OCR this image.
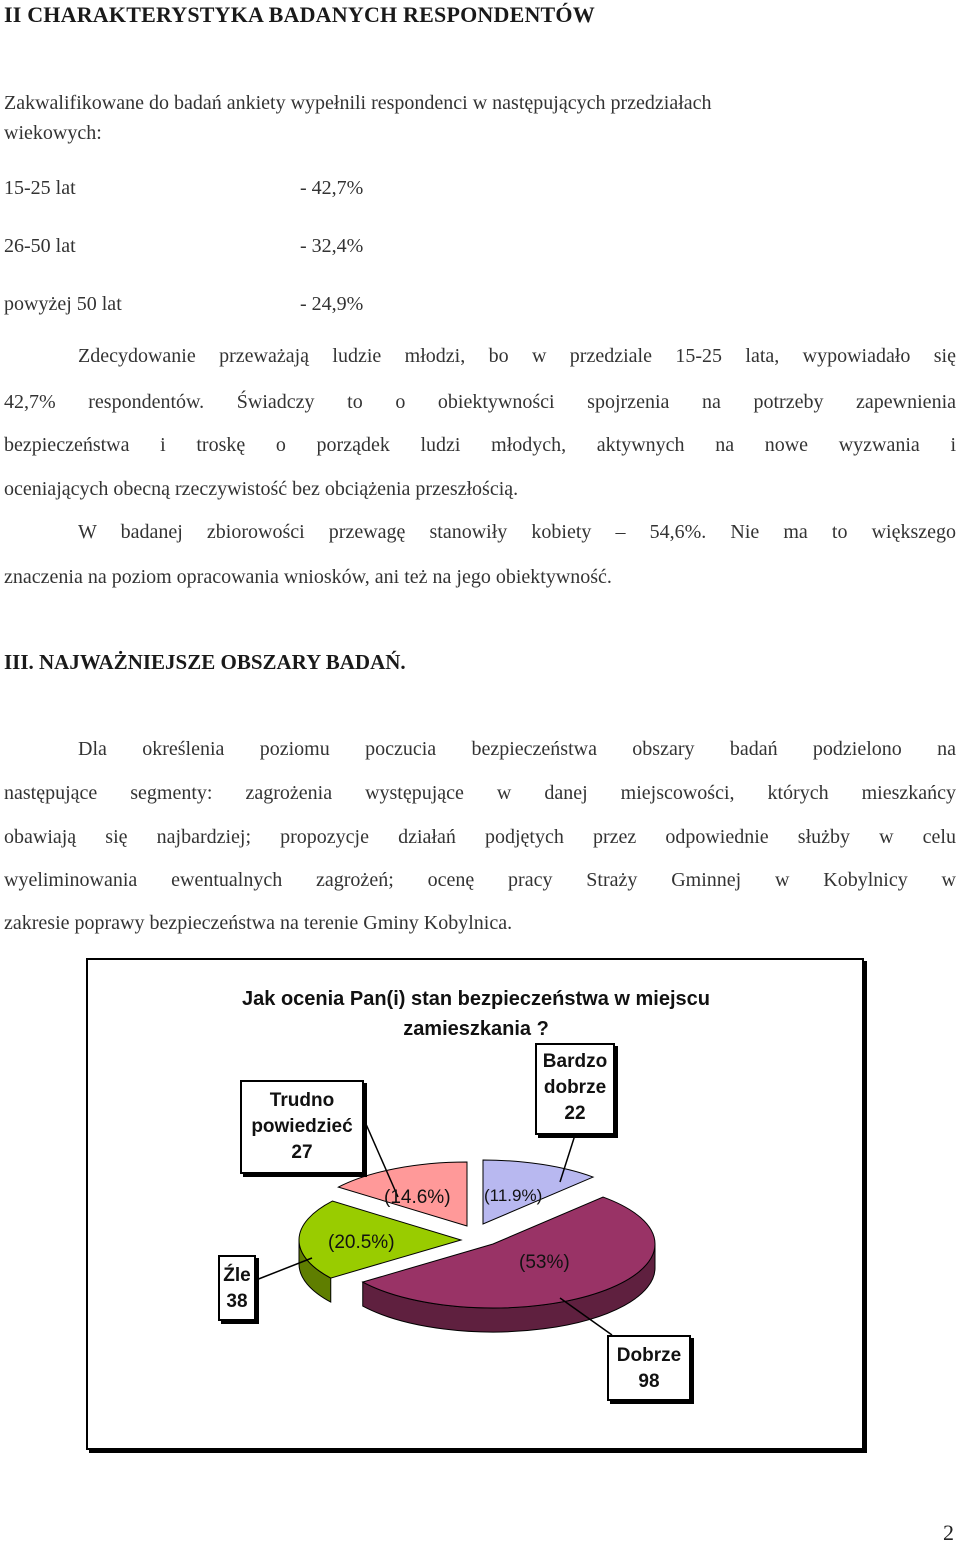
II CHARAKTERYSTYKA BADANYCH RESPONDENTÓW
Zakwalifikowane do badań ankiety wypełnili respondenci w następujących przedziałach
wiekowych:
15-25 lat	- 42,7%
26-50 lat	- 32,4%
powyżej 50 lat	- 24,9%
Zdecydowanie przeważają ludzie młodzi, bo w przedziale 15-25 lata, wypowiadało się
42,7% respondentów. Świadczy to o obiektywności spojrzenia na potrzeby zapewnienia
bezpieczeństwa i troskę o porządek ludzi młodych, aktywnych na nowe wyzwania i
oceniających obecną rzeczywistość bez obciążenia przeszłością.
W badanej zbiorowości przewagę stanowiły kobiety – 54,6%. Nie ma to większego
znaczenia na poziom opracowania wniosków, ani też na jego obiektywność.
III. NAJWAŻNIEJSZE OBSZARY BADAŃ.
Dla określenia poziomu poczucia bezpieczeństwa obszary badań podzielono na
następujące segmenty: zagrożenia występujące w danej miejscowości, których mieszkańcy
obawiają się najbardziej; propozycje działań podjętych przez odpowiednie służby w celu
wyeliminowania ewentualnych zagrożeń; ocenę pracy Straży Gminnej w Kobylnicy w
zakresie poprawy bezpieczeństwa na terenie Gminy Kobylnica.
Jak ocenia Pan(i) stan bezpieczeństwa w miejscu
zamieszkania ?
Trudno
powiedzieć
27
Bardzo
dobrze
22
Źle
38
Dobrze
98
(14.6%) (11.9%)
(20.5%)
(53%)
2
